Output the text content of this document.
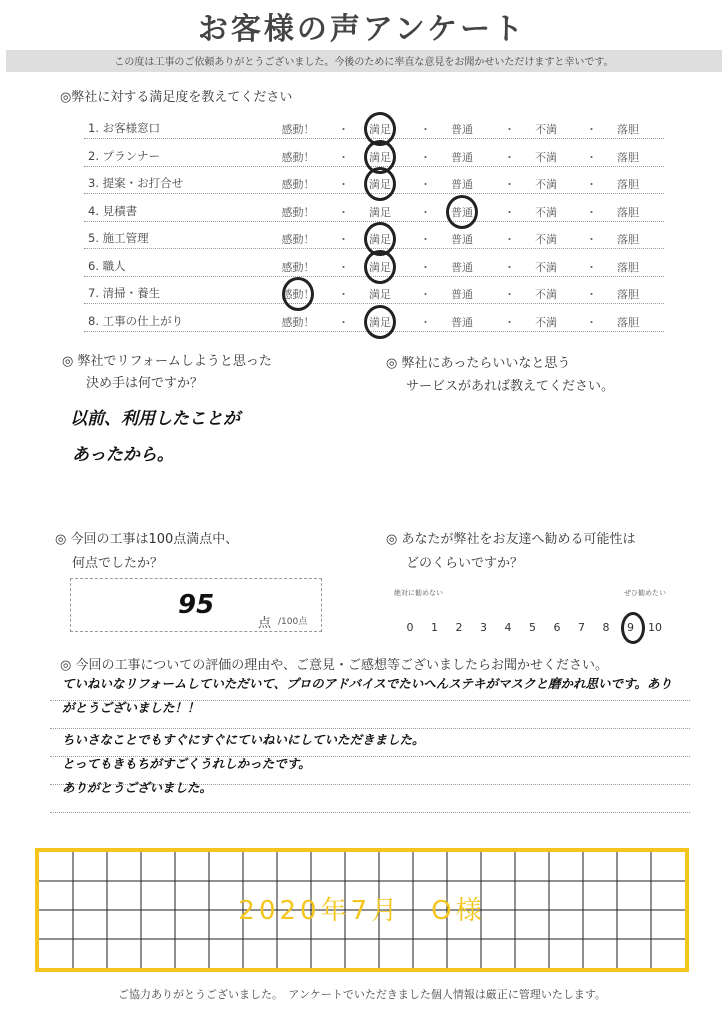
お客様の声アンケート
この度は工事のご依頼ありがとうございました。今後のために率直な意見をお聞かせいただけますと幸いです。
◎弊社に対する満足度を教えてください
1. お客様窓口	感動！	満足	普通	不満	落胆
・	・	・	・
2. プランナー	感動！	満足	普通	不満	落胆
・	・	・	・
3. 提案・お打合せ	感動！	満足	普通	不満	落胆
・	・	・	・
4. 見積書	感動！	満足	普通	不満	落胆
・	・	・	・
5. 施工管理	感動！	満足	普通	不満	落胆
・	・	・	・
6. 職人	感動！	満足	普通	不満	落胆
・	・	・	・
7. 清掃・養生	感動！	満足	普通	不満	落胆
・	・	・	・
8. 工事の仕上がり	感動！	満足	普通	不満	落胆
・	・	・	・
◎ 弊社でリフォームしようと思った
決め手は何ですか？
以前、利用したことが
あったから。
◎ 弊社にあったらいいなと思う
サービスがあれば教えてください。
◎ 今回の工事は100点満点中、
何点でしたか？
95
点 /100点
◎ あなたが弊社をお友達へ勧める可能性は
どのくらいですか？
絶対に勧めない	ぜひ勧めたい
0	1	2	3	4	5	6	7	8	9	10
◎ 今回の工事についての評価の理由や、ご意見・ご感想等ございましたらお聞かせください。
ていねいなリフォームしていただいて、プロのアドバイスでたいへんステキがマスクと磨かれ思いです。ありがとうございました！！
ちいさなことでもすぐにすぐにていねいにしていただきました。
とってもきもちがすごくうれしかったです。
ありがとうございました。
2020年7月　O様
ご協力ありがとうございました。　アンケートでいただきました個人情報は厳正に管理いたします。
